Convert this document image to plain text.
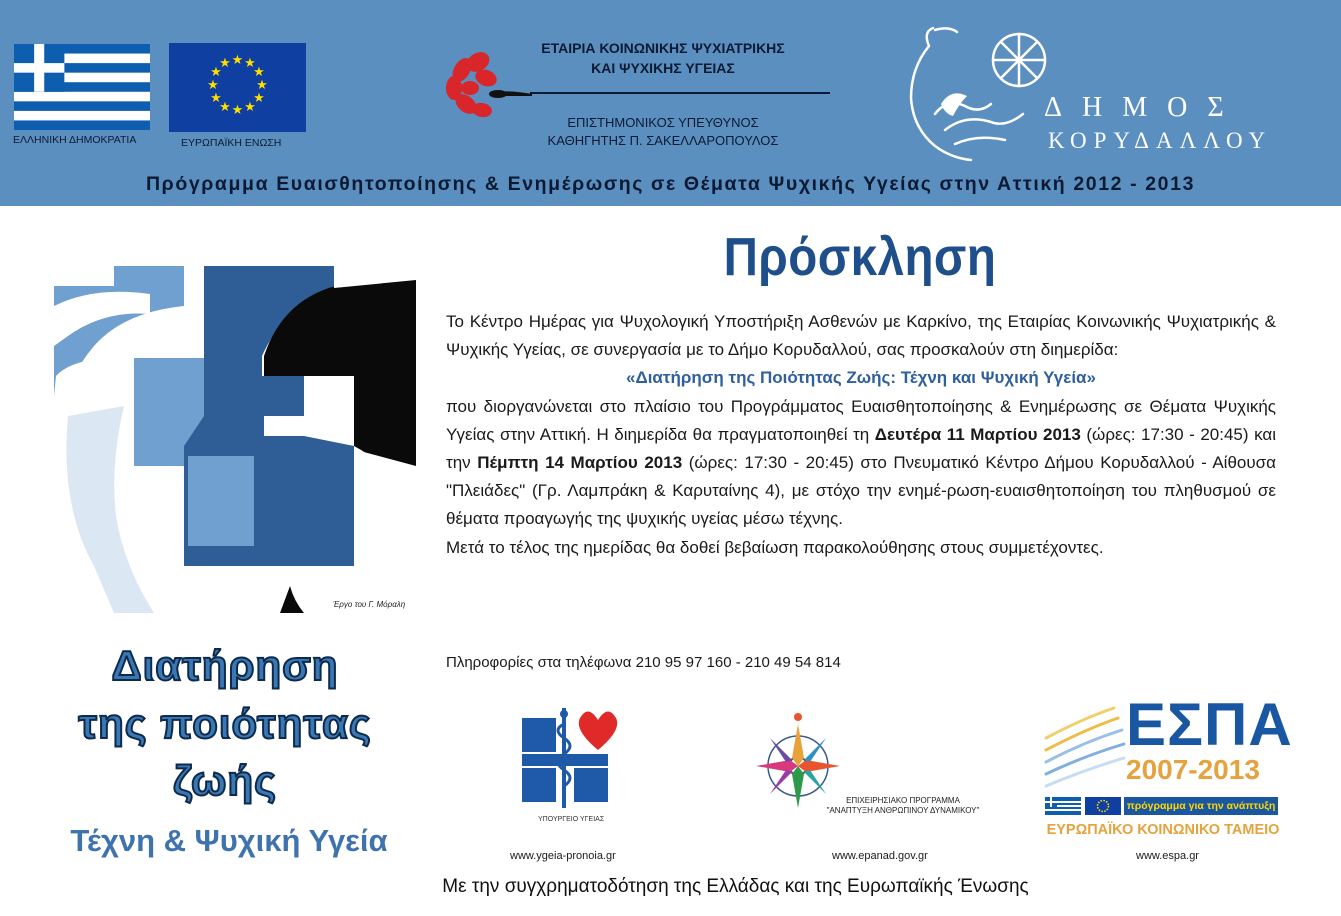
ΕΛΛΗΝΙΚΗ ΔΗΜΟΚΡΑΤΙΑ
★ ★
★
★
★
★
★
★
★
★
★
★
ΕΥΡΩΠΑΪΚΗ ΕΝΩΣΗ
ΕΤΑΙΡΙΑ ΚΟΙΝΩΝΙΚΗΣ ΨΥΧΙΑΤΡΙΚΗΣ
ΚΑΙ ΨΥΧΙΚΗΣ ΥΓΕΙΑΣ
ΕΠΙΣΤΗΜΟΝΙΚΟΣ ΥΠΕΥΘΥΝΟΣ
ΚΑΘΗΓΗΤΗΣ Π. ΣΑΚΕΛΛΑΡΟΠΟΥΛΟΣ
ΔΗΜΟΣ
ΚΟΡΥΔΑΛΛΟΥ
Πρόγραμμα Ευαισθητοποίησης & Ενημέρωσης σε Θέματα Ψυχικής Υγείας στην Αττική 2012 - 2013
Έργο του Γ. Μόραλη
Διατήρηση
της ποιότητας
ζωής
Τέχνη & Ψυχική Υγεία
Πρόσκληση

Το Κέντρο Ημέρας για Ψυχολογική Υποστήριξη Ασθενών με Καρκίνο, της Εταιρίας Κοινωνικής Ψυχιατρικής & Ψυχικής Υγείας, σε συνεργασία με το Δήμο Κορυδαλλού, σας προσκαλούν στη διημερίδα:

«Διατήρηση της Ποιότητας Ζωής: Τέχνη και Ψυχική Υγεία»

που διοργανώνεται στο πλαίσιο του Προγράμματος Ευαισθητοποίησης & Ενημέρωσης σε Θέματα Ψυχικής Υγείας στην Αττική. Η διημερίδα θα πραγματοποιηθεί τη Δευτέρα 11 Μαρτίου 2013 (ώρες: 17:30 - 20:45) και την Πέμπτη 14 Μαρτίου 2013 (ώρες: 17:30 - 20:45) στο Πνευματικό Κέντρο Δήμου Κορυδαλλού - Αίθουσα "Πλειάδες" (Γρ. Λαμπράκη & Καρυταίνης 4), με στόχο την ενημέ-ρωση-ευαισθητοποίηση του πληθυσμού σε θέματα προαγωγής της ψυχικής υγείας μέσω τέχνης.

Μετά το τέλος της ημερίδας θα δοθεί βεβαίωση παρακολούθησης στους συμμετέχοντες.

Πληροφορίες στα τηλέφωνα 210 95 97 160 - 210 49 54 814
ΥΠΟΥΡΓΕΙΟ ΥΓΕΙΑΣ
ΕΠΙΧΕΙΡΗΣΙΑΚΟ ΠΡΟΓΡΑΜΜΑ
"ΑΝΑΠΤΥΞΗ ΑΝΘΡΩΠΙΝΟΥ ΔΥΝΑΜΙΚΟΥ"
ΕΣΠΑ
2007-2013
πρόγραμμα για την ανάπτυξη
ΕΥΡΩΠΑΪΚΟ ΚΟΙΝΩΝΙΚΟ ΤΑΜΕΙΟ
www.ygeia-pronoia.gr	www.epanad.gov.gr	www.espa.gr
Με την συγχρηματοδότηση της Ελλάδας και της Ευρωπαϊκής Ένωσης
